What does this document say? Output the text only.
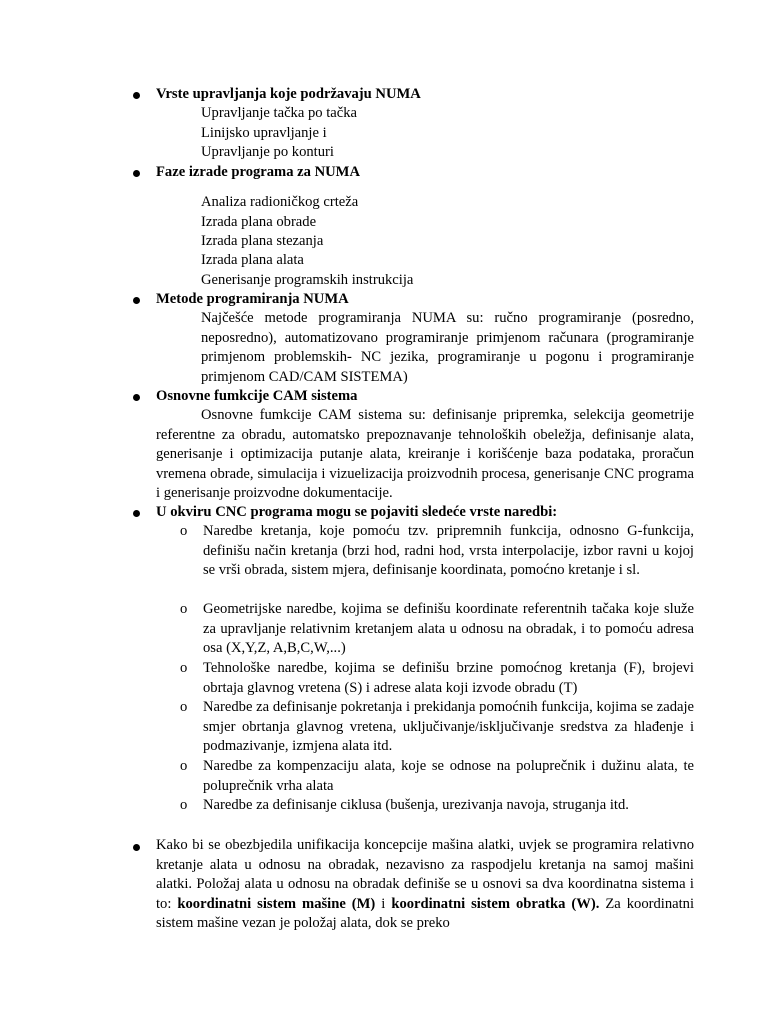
Vrste upravljanja koje podržavaju NUMA
Upravljanje tačka po tačka
Linijsko upravljanje i
Upravljanje po konturi
Faze izrade programa za NUMA
Analiza radioničkog crteža
Izrada plana obrade
Izrada plana stezanja
Izrada plana alata
Generisanje programskih instrukcija
Metode programiranja NUMA
Najčešće metode programiranja NUMA su: ručno programiranje (posredno, neposredno), automatizovano programiranje primjenom računara (programiranje primjenom problemskih- NC jezika, programiranje u pogonu i programiranje primjenom CAD/CAM SISTEMA)
Osnovne fumkcije CAM sistema
Osnovne fumkcije CAM sistema su: definisanje pripremka, selekcija geometrije referentne za obradu, automatsko prepoznavanje tehnoloških obeležja, definisanje alata, generisanje i optimizacija putanje alata, kreiranje i korišćenje baza podataka, proračun vremena obrade, simulacija i vizuelizacija proizvodnih procesa, generisanje CNC programa i generisanje proizvodne dokumentacije.
U okviru CNC programa mogu se pojaviti sledeće vrste naredbi:
o Naredbe kretanja, koje pomoću tzv. pripremnih funkcija, odnosno G-funkcija, definišu način kretanja (brzi hod, radni hod, vrsta interpolacije, izbor ravni u kojoj se vrši obrada, sistem mjera, definisanje koordinata, pomoćno kretanje i sl.
o Geometrijske naredbe, kojima se definišu koordinate referentnih tačaka koje služe za upravljanje relativnim kretanjem alata u odnosu na obradak, i to pomoću adresa osa (X,Y,Z, A,B,C,W,...)
o Tehnološke naredbe, kojima se definišu brzine pomoćnog kretanja (F), brojevi obrtaja glavnog vretena (S) i adrese alata koji izvode obradu (T)
o Naredbe za definisanje pokretanja i prekidanja pomoćnih funkcija, kojima se zadaje smjer obrtanja glavnog vretena, uključivanje/isključivanje sredstva za hlađenje i podmazivanje, izmjena alata itd.
o Naredbe za kompenzaciju alata, koje se odnose na poluprečnik i dužinu alata, te poluprečnik vrha alata
o Naredbe za definisanje ciklusa (bušenja, urezivanja navoja, struganja itd.
Kako bi se obezbjedila unifikacija koncepcije mašina alatki, uvjek se programira relativno kretanje alata u odnosu na obradak, nezavisno za raspodjelu kretanja na samoj mašini alatki. Položaj alata u odnosu na obradak definiše se u osnovi sa dva koordinatna sistema i to: koordinatni sistem mašine (M) i koordinatni sistem obratka (W). Za koordinatni sistem mašine vezan je položaj alata, dok se preko
